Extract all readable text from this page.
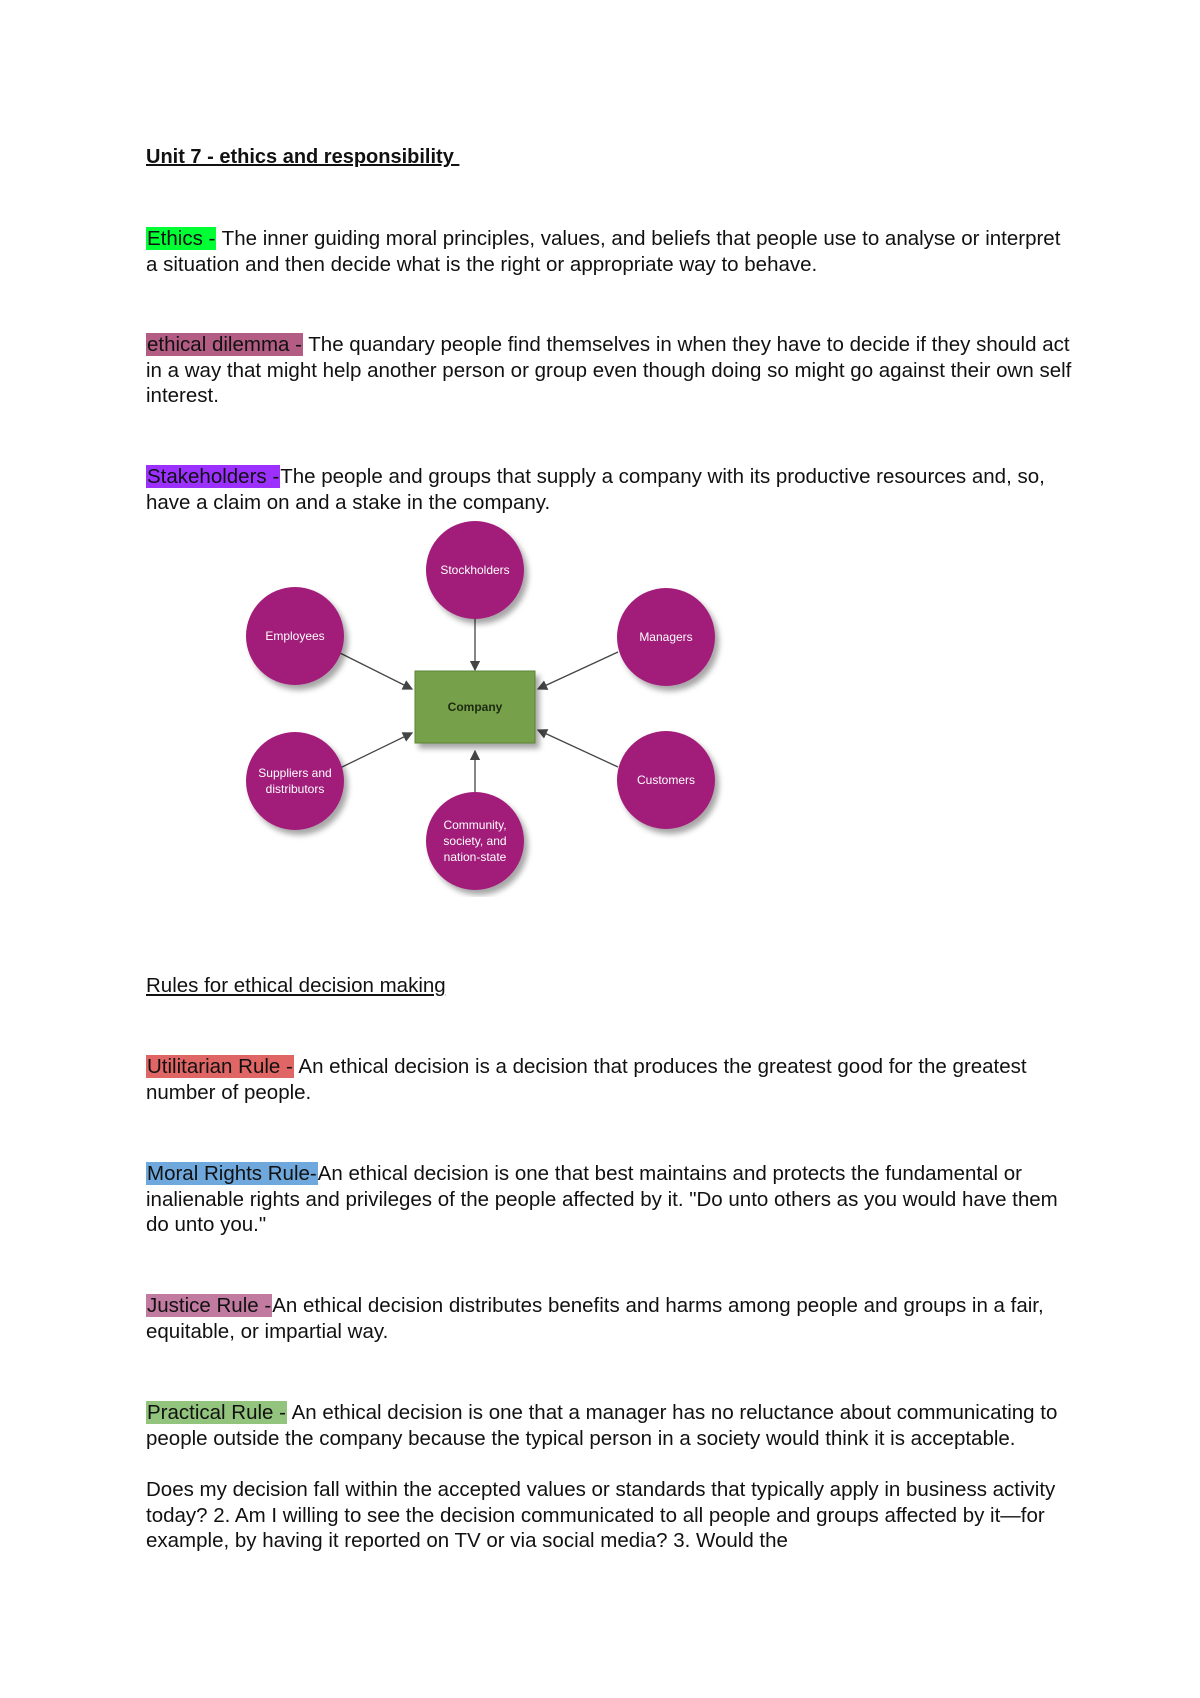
Unit 7 - ethics and responsibility
Ethics - The inner guiding moral principles, values, and beliefs that people use to analyse or interpret a situation and then decide what is the right or appropriate way to behave.
ethical dilemma - The quandary people find themselves in when they have to decide if they should act in a way that might help another person or group even though doing so might go against their own self interest.
Stakeholders -The people and groups that supply a company with its productive resources and, so, have a claim on and a stake in the company.
Company
Stockholders
Employees	Managers
Suppliers and
distributors
Customers
Community,
society, and
nation-state
Rules for ethical decision making
Utilitarian Rule - An ethical decision is a decision that produces the greatest good for the greatest number of people.
Moral Rights Rule-An ethical decision is one that best maintains and protects the fundamental or inalienable rights and privileges of the people affected by it. "Do unto others as you would have them do unto you."
Justice Rule -An ethical decision distributes benefits and harms among people and groups in a fair, equitable, or impartial way.
Practical Rule - An ethical decision is one that a manager has no reluctance about communicating to people outside the company because the typical person in a society would think it is acceptable.
Does my decision fall within the accepted values or standards that typically apply in business activity today? 2. Am I willing to see the decision communicated to all people and groups affected by it—for example, by having it reported on TV or via social media? 3. Would the
